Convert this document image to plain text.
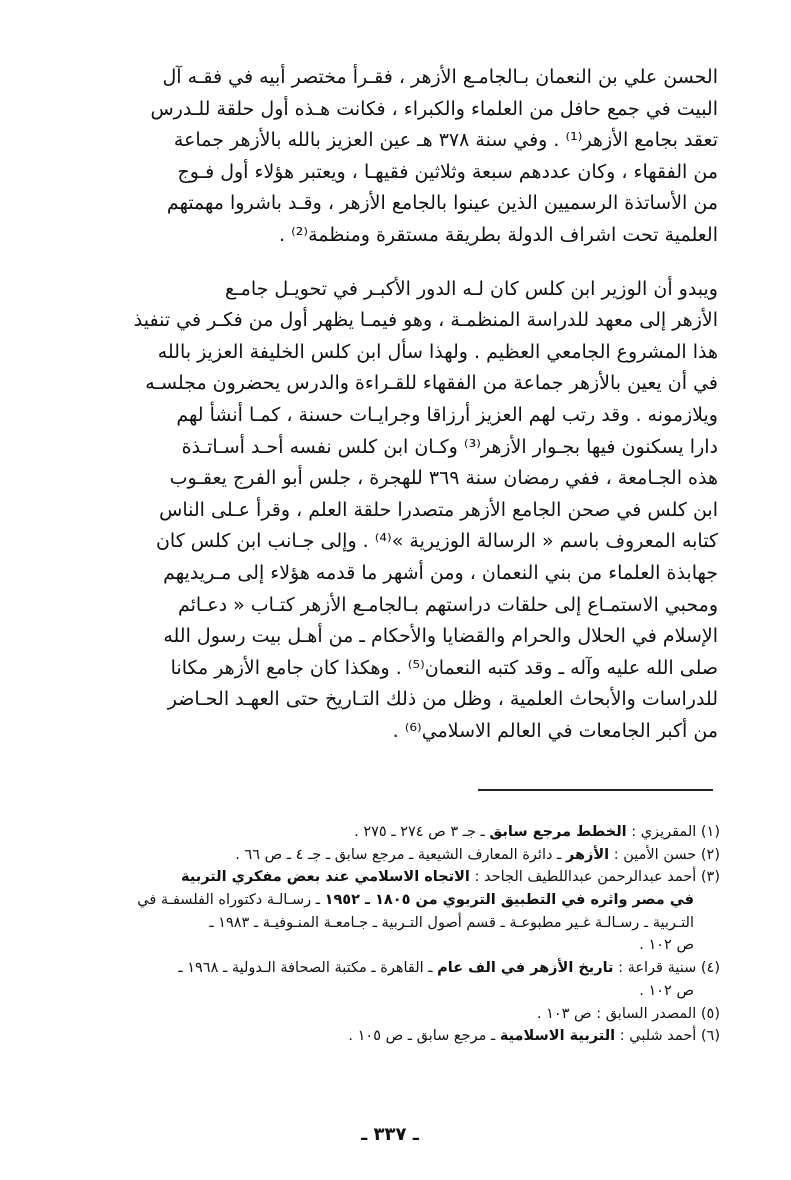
الحسن علي بن النعمان بـالجامـع الأزهر ، فقـرأ مختصر أبيه في فقـه آل
البيت في جمع حافل من العلماء والكبراء ، فكانت هـذه أول حلقة للـدرس
تعقد بجامع الأزهر⁽¹⁾ . وفي سنة ٣٧٨ هـ عين العزيز بالله بالأزهر جماعة
من الفقهاء ، وكان عددهم سبعة وثلاثين فقيهـا ، ويعتبر هؤلاء أول فـوج
من الأساتذة الرسميين الذين عينوا بالجامع الأزهر ، وقـد باشروا مهمتهم
العلمية تحت اشراف الدولة بطريقة مستقرة ومنظمة⁽²⁾ .
ويبدو أن الوزير ابن كلس كان لـه الدور الأكبـر في تحويـل جامـع
الأزهر إلى معهد للدراسة المنظمـة ، وهو فيمـا يظهر أول من فكـر في تنفيذ
هذا المشروع الجامعي العظيم . ولهذا سأل ابن كلس الخليفة العزيز بالله
في أن يعين بالأزهر جماعة من الفقهاء للقـراءة والدرس يحضرون مجلسـه
ويلازمونه . وقد رتب لهم العزيز أرزاقا وجرايـات حسنة ، كمـا أنشأ لهم
دارا يسكنون فيها بجـوار الأزهر⁽³⁾ وكـان ابن كلس نفسه أحـد أسـاتـذة
هذه الجـامعة ، ففي رمضان سنة ٣٦٩ للهجرة ، جلس أبو الفرج يعقـوب
ابن كلس في صحن الجامع الأزهر متصدرا حلقة العلم ، وقرأ عـلى الناس
كتابه المعروف باسم « الرسالة الوزيرية »⁽⁴⁾ . وإلى جـانب ابن كلس كان
جهابذة العلماء من بني النعمان ، ومن أشهر ما قدمه هؤلاء إلى مـريديهم
ومحبي الاستمـاع إلى حلقات دراستهم بـالجامـع الأزهر كتـاب « دعـائم
الإسلام في الحلال والحرام والقضايا والأحكام ـ من أهـل بيت رسول الله
صلى الله عليه وآله ـ وقد كتبه النعمان⁽⁵⁾ . وهكذا كان جامع الأزهر مكانا
للدراسات والأبحاث العلمية ، وظل من ذلك التـاريخ حتى العهـد الحـاضر
من أكبر الجامعات في العالم الاسلامي⁽⁶⁾ .
(١) المقريزي : الخطط مرجع سابق ـ جـ ٣ ص ٢٧٤ ـ ٢٧٥ .
(٢) حسن الأمين : الأزهر ـ دائرة المعارف الشيعية ـ مرجع سابق ـ جـ ٤ ـ ص ٦٦ .
(٣) أحمد عبدالرحمن عبداللطيف الجاحد : الاتجاه الاسلامي عند بعض مفكري التربية
في مصر واثره في التطبيق التربوي من ١٨٠٥ ـ ١٩٥٢ ـ رسـالـة دكتوراه الفلسفـة في
التـربية ـ رسـالـة غـير مطبوعـة ـ قسم أصول التـربية ـ جـامعـة المنـوفيـة ـ ١٩٨٣ ـ
ص ١٠٢ .
(٤) سنية قراعة : تاريخ الأزهر في الف عام ـ القاهرة ـ مكتبة الصحافة الـدولية ـ ١٩٦٨ ـ
ص ١٠٢ .
(٥) المصدر السابق : ص ١٠٣ .
(٦) أحمد شلبي : التربية الاسلامية ـ مرجع سابق ـ ص ١٠٥ .
ـ ٣٣٧ ـ
